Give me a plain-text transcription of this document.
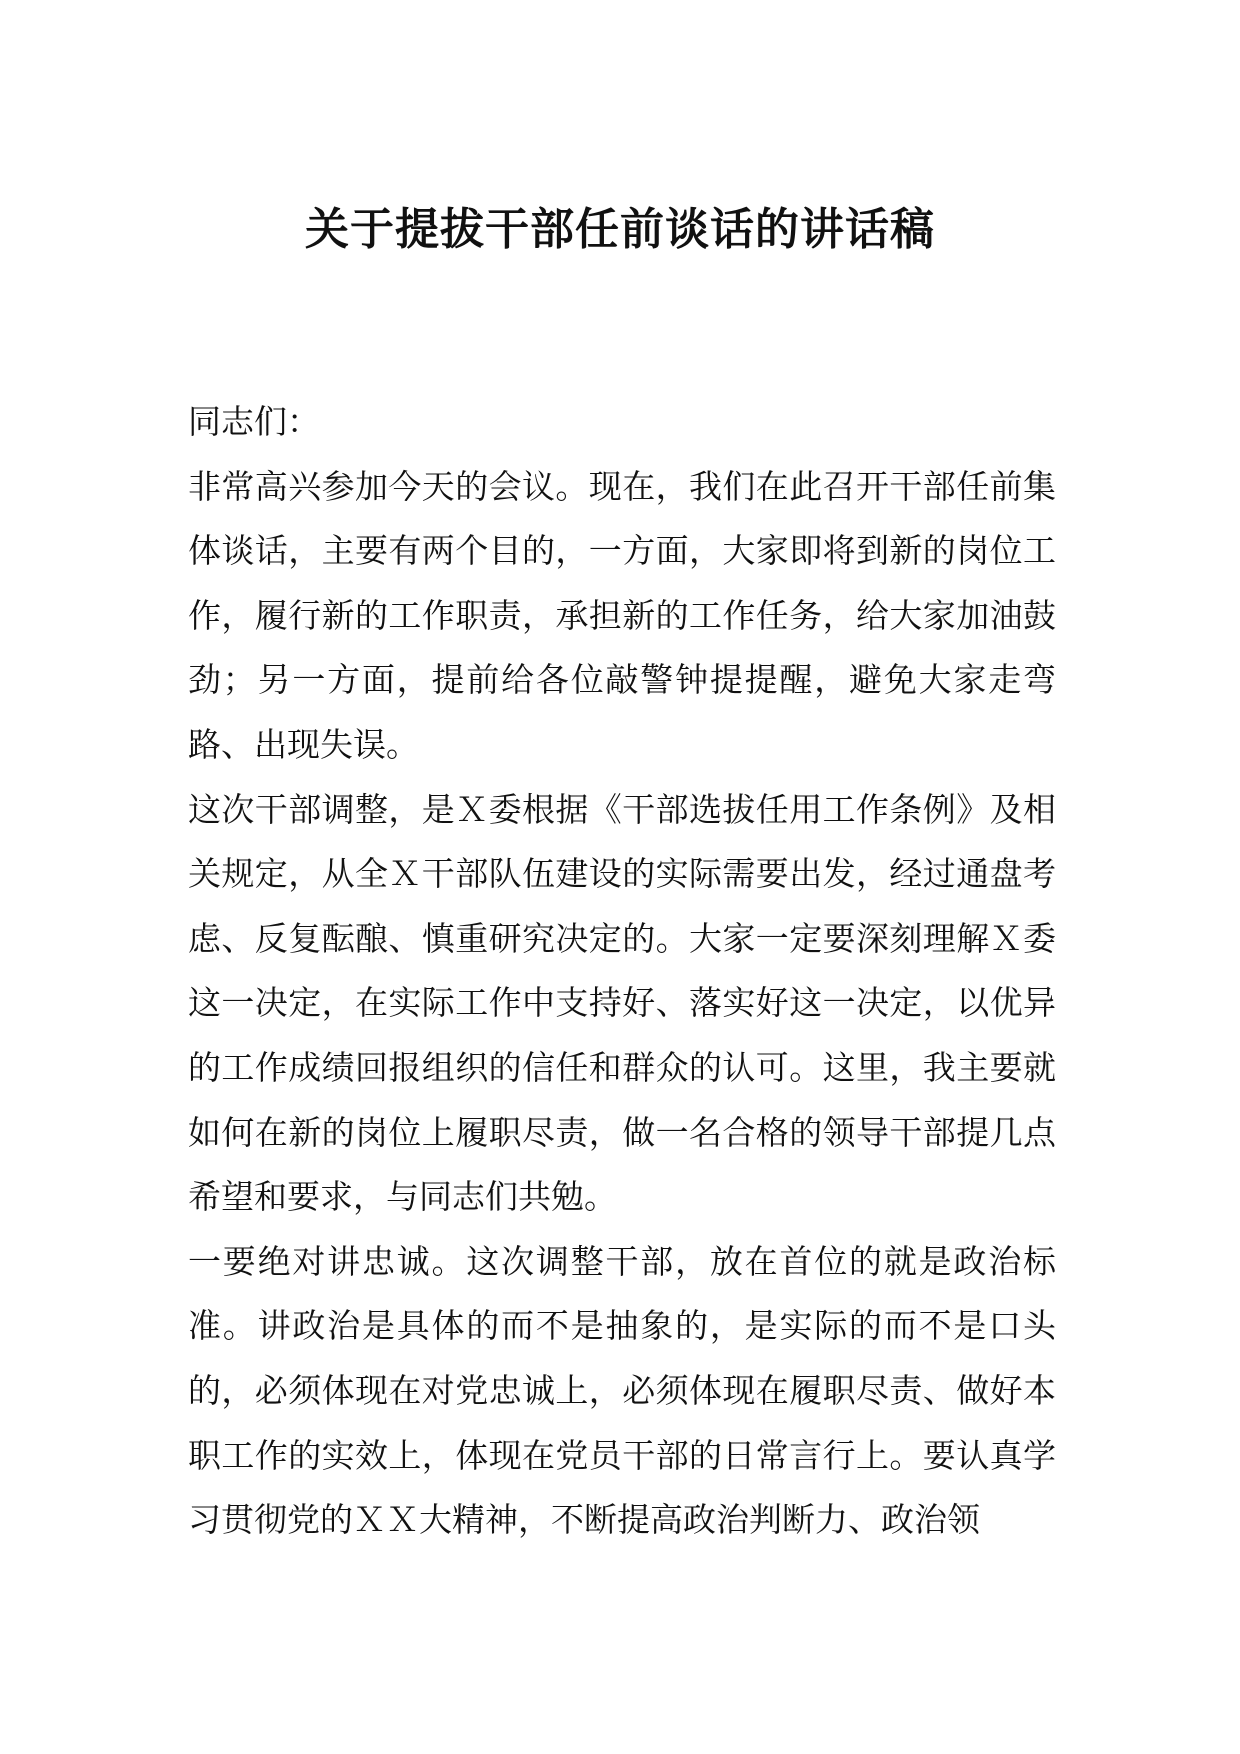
关于提拔干部任前谈话的讲话稿

同志们：

非常高兴参加今天的会议。现在，我们在此召开干部任前集体谈话，主要有两个目的，一方面，大家即将到新的岗位工作，履行新的工作职责，承担新的工作任务，给大家加油鼓劲；另一方面，提前给各位敲警钟提提醒，避免大家走弯路、出现失误。

这次干部调整，是Ｘ委根据《干部选拔任用工作条例》及相关规定，从全Ｘ干部队伍建设的实际需要出发，经过通盘考虑、反复酝酿、慎重研究决定的。大家一定要深刻理解Ｘ委这一决定，在实际工作中支持好、落实好这一决定，以优异的工作成绩回报组织的信任和群众的认可。这里，我主要就如何在新的岗位上履职尽责，做一名合格的领导干部提几点希望和要求，与同志们共勉。

一要绝对讲忠诚。这次调整干部，放在首位的就是政治标准。讲政治是具体的而不是抽象的，是实际的而不是口头的，必须体现在对党忠诚上，必须体现在履职尽责、做好本职工作的实效上，体现在党员干部的日常言行上。要认真学习贯彻党的ＸＸ大精神，不断提高政治判断力、政治领
